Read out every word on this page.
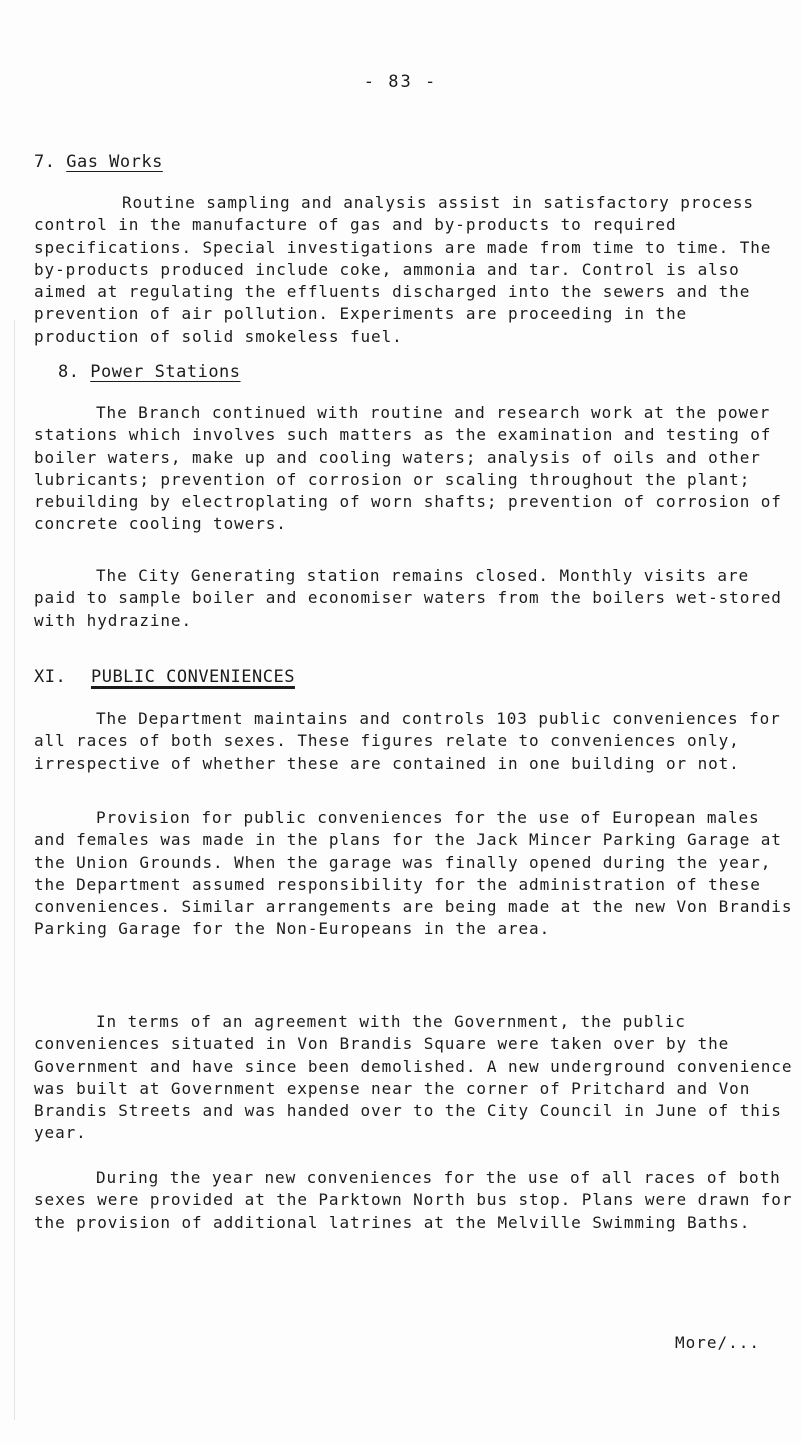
- 83 -
7. Gas Works
Routine sampling and analysis assist in satisfactory process control in the manufacture of gas and by-products to required specifications. Special investigations are made from time to time. The by-products produced include coke, ammonia and tar. Control is also aimed at regulating the effluents discharged into the sewers and the prevention of air pollution. Experiments are proceeding in the production of solid smokeless fuel.
8. Power Stations
The Branch continued with routine and research work at the power stations which involves such matters as the examination and testing of boiler waters, make up and cooling waters; analysis of oils and other lubricants; prevention of corrosion or scaling throughout the plant; rebuilding by electroplating of worn shafts; prevention of corrosion of concrete cooling towers.
The City Generating station remains closed. Monthly visits are paid to sample boiler and economiser waters from the boilers wet-stored with hydrazine.
XI. PUBLIC CONVENIENCES
The Department maintains and controls 103 public conveniences for all races of both sexes. These figures relate to conveniences only, irrespective of whether these are contained in one building or not.
Provision for public conveniences for the use of European males and females was made in the plans for the Jack Mincer Parking Garage at the Union Grounds. When the garage was finally opened during the year, the Department assumed responsibility for the administration of these conveniences. Similar arrangements are being made at the new Von Brandis Parking Garage for the Non-Europeans in the area.
In terms of an agreement with the Government, the public conveniences situated in Von Brandis Square were taken over by the Government and have since been demolished. A new underground convenience was built at Government expense near the corner of Pritchard and Von Brandis Streets and was handed over to the City Council in June of this year.
During the year new conveniences for the use of all races of both sexes were provided at the Parktown North bus stop. Plans were drawn for the provision of additional latrines at the Melville Swimming Baths.
More/...
